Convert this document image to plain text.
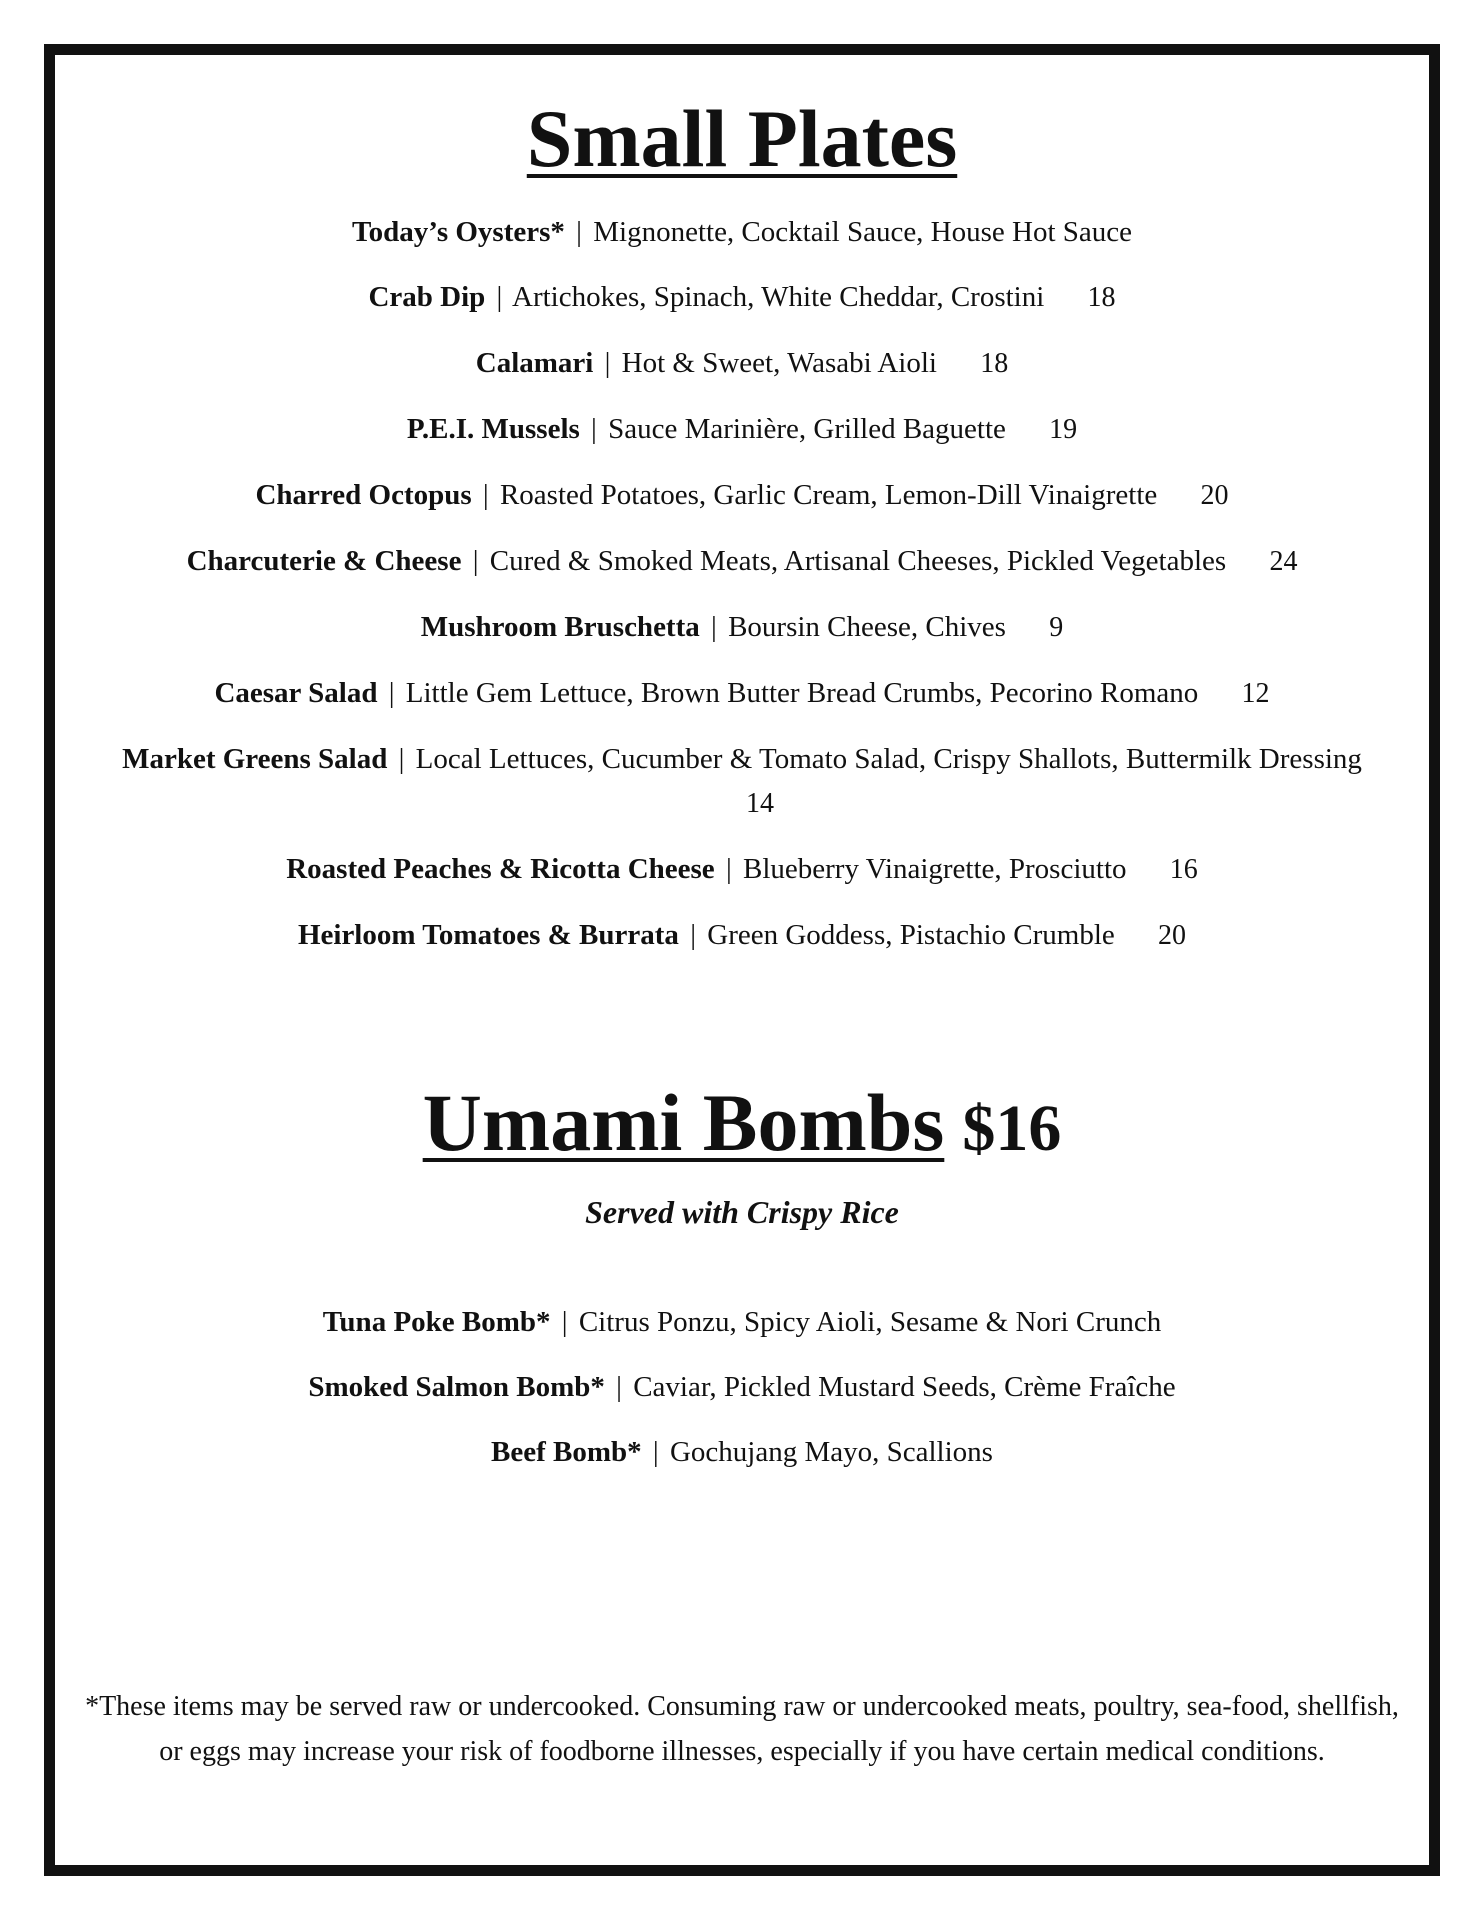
Small Plates
Today’s Oysters* | Mignonette, Cocktail Sauce, House Hot Sauce
Crab Dip | Artichokes, Spinach, White Cheddar, Crostini 18
Calamari | Hot & Sweet, Wasabi Aioli 18
P.E.I. Mussels | Sauce Marinière, Grilled Baguette 19
Charred Octopus | Roasted Potatoes, Garlic Cream, Lemon-Dill Vinaigrette 20
Charcuterie & Cheese | Cured & Smoked Meats, Artisanal Cheeses, Pickled Vegetables 24
Mushroom Bruschetta | Boursin Cheese, Chives 9
Caesar Salad | Little Gem Lettuce, Brown Butter Bread Crumbs, Pecorino Romano 12
Market Greens Salad | Local Lettuces, Cucumber & Tomato Salad, Crispy Shallots, Buttermilk Dressing 14
Roasted Peaches & Ricotta Cheese | Blueberry Vinaigrette, Prosciutto 16
Heirloom Tomatoes & Burrata | Green Goddess, Pistachio Crumble 20
Umami Bombs $16
Served with Crispy Rice
Tuna Poke Bomb* | Citrus Ponzu, Spicy Aioli, Sesame & Nori Crunch
Smoked Salmon Bomb* | Caviar, Pickled Mustard Seeds, Crème Fraîche
Beef Bomb* | Gochujang Mayo, Scallions
*These items may be served raw or undercooked. Consuming raw or undercooked meats, poultry, sea-food, shellfish, or eggs may increase your risk of foodborne illnesses, especially if you have certain medical conditions.
